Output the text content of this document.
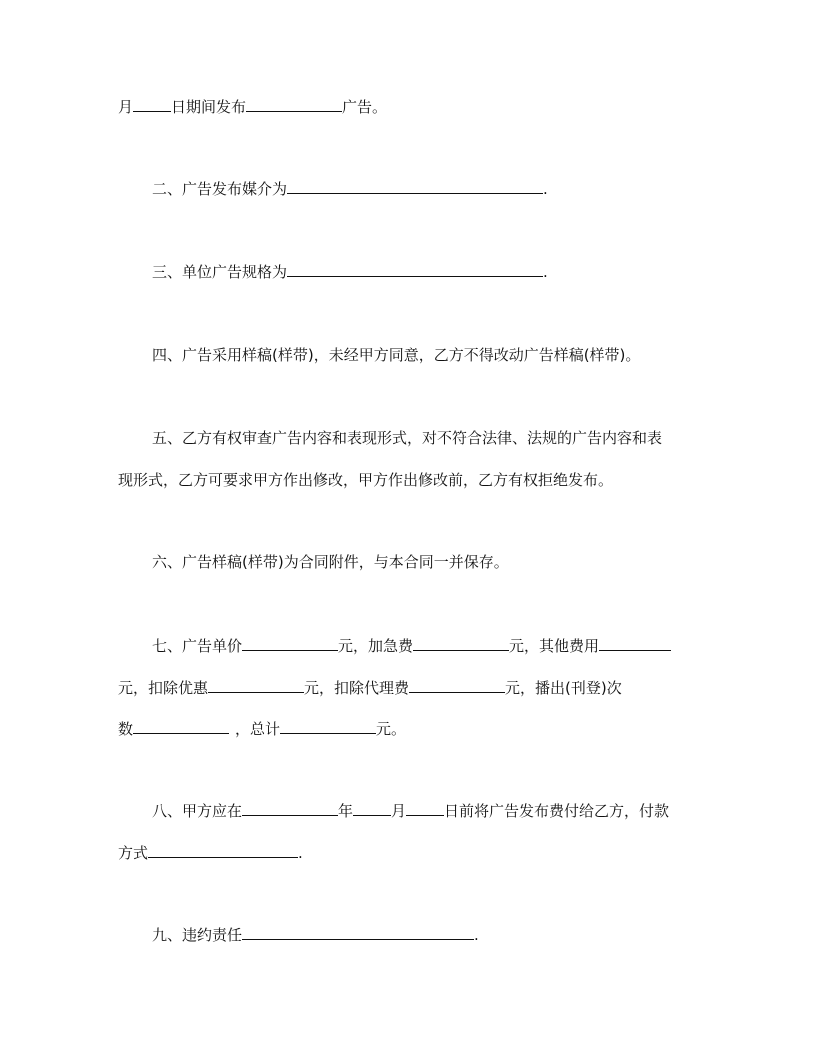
月	日期间发布	广告。
二、广告发布媒介为	.
三、单位广告规格为	.
四、广告采用样稿(样带)，未经甲方同意，乙方不得改动广告样稿(样带)。
五、乙方有权审查广告内容和表现形式，对不符合法律、法规的广告内容和表
现形式，乙方可要求甲方作出修改，甲方作出修改前，乙方有权拒绝发布。
六、广告样稿(样带)为合同附件，与本合同一并保存。
七、广告单价	元，加急费	元，其他费用
元，扣除优惠	元，扣除代理费	元，播出(刊登)次
数	，总计	元。
八、甲方应在	年	月	日前将广告发布费付给乙方，付款
方式	.
九、违约责任	.
